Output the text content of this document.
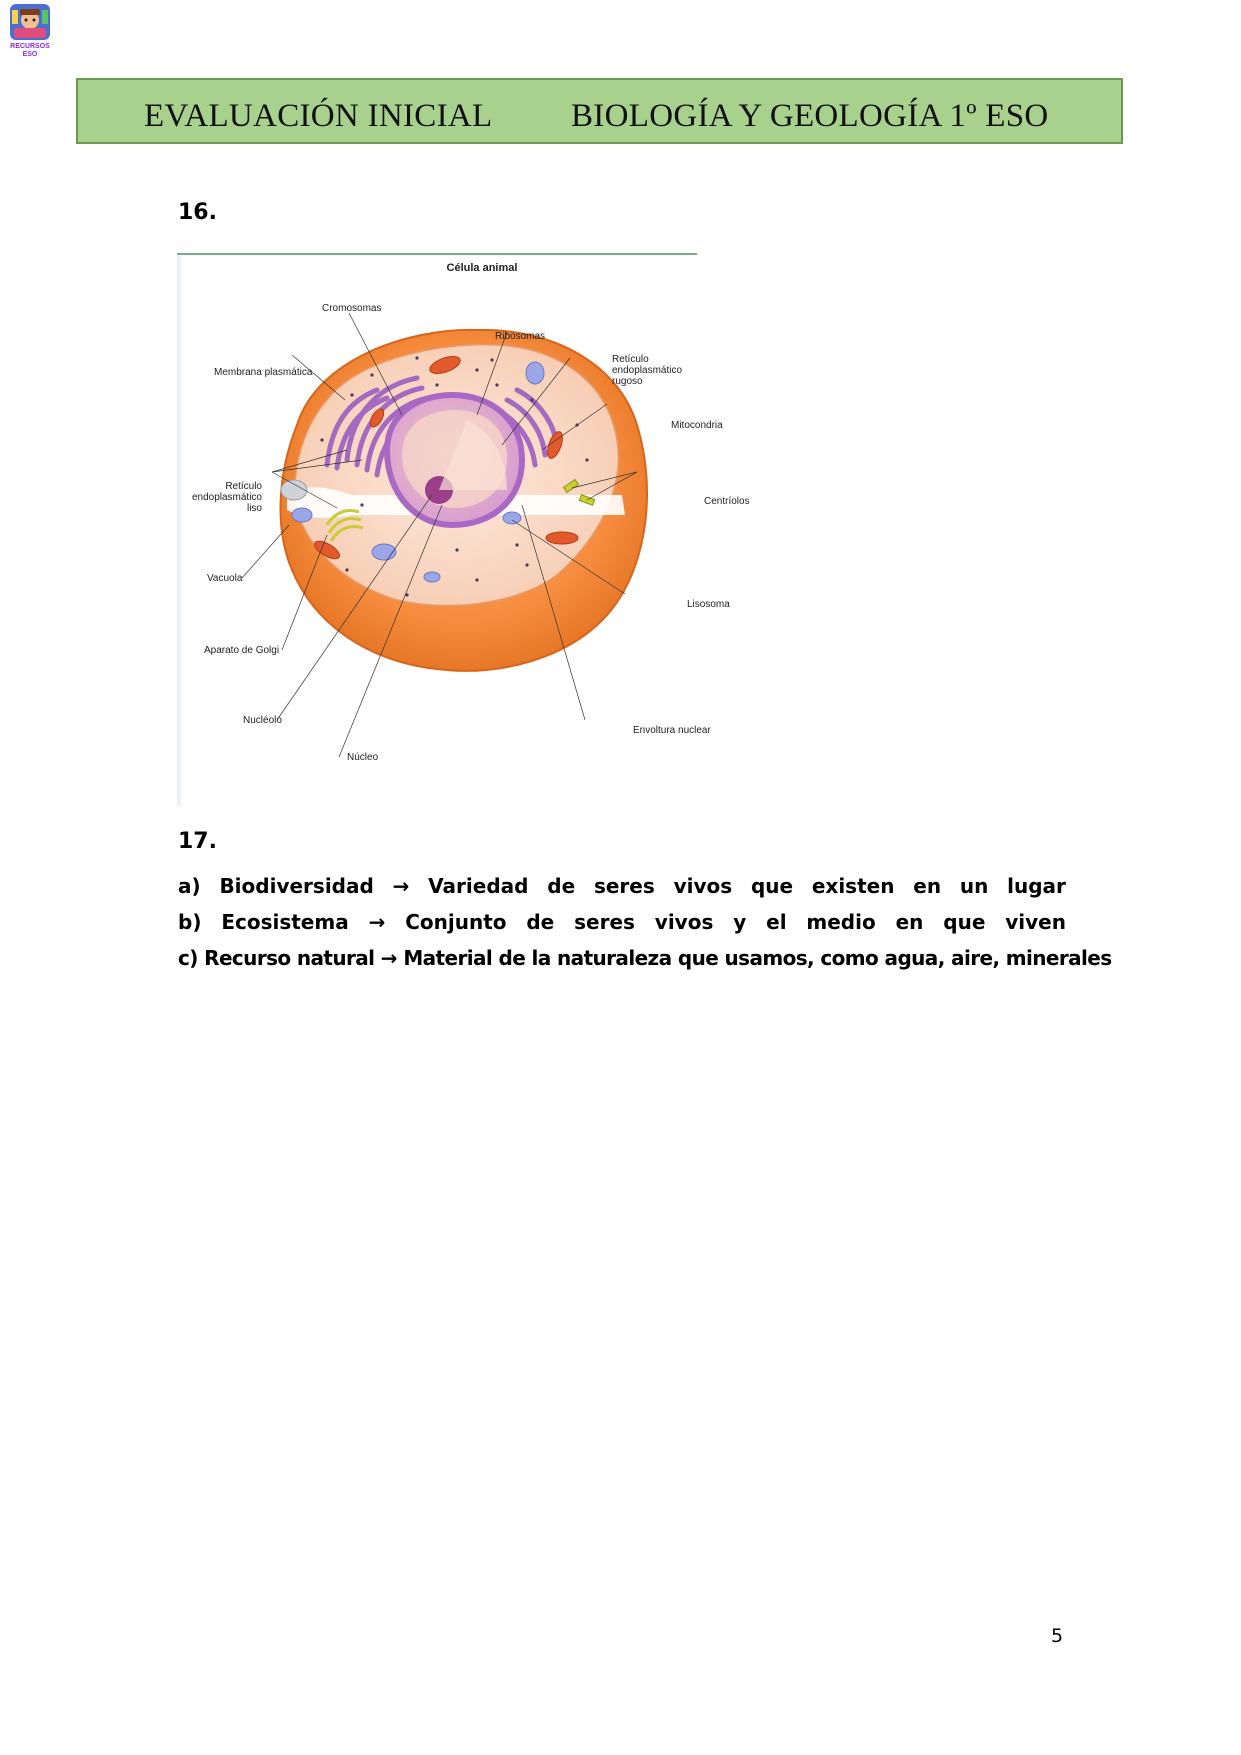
RECURSOS
ESO
EVALUACIÓN INICIAL BIOLOGÍA Y GEOLOGÍA 1º ESO
16.
Célula animal
Cromosomas
Ribosomas
Membrana plasmática
Retículo
endoplasmático
rugoso
Mitocondria
Retículo
endoplasmático
liso
Centríolos
Vacuola
Lisosoma
Aparato de Golgi
Nucléolo
Envoltura nuclear
Núcleo
17.
a) Biodiversidad → Variedad de seres vivos que existen en un lugar
b) Ecosistema → Conjunto de seres vivos y el medio en que viven
c) Recurso natural → Material de la naturaleza que usamos, como agua, aire, minerales
5
